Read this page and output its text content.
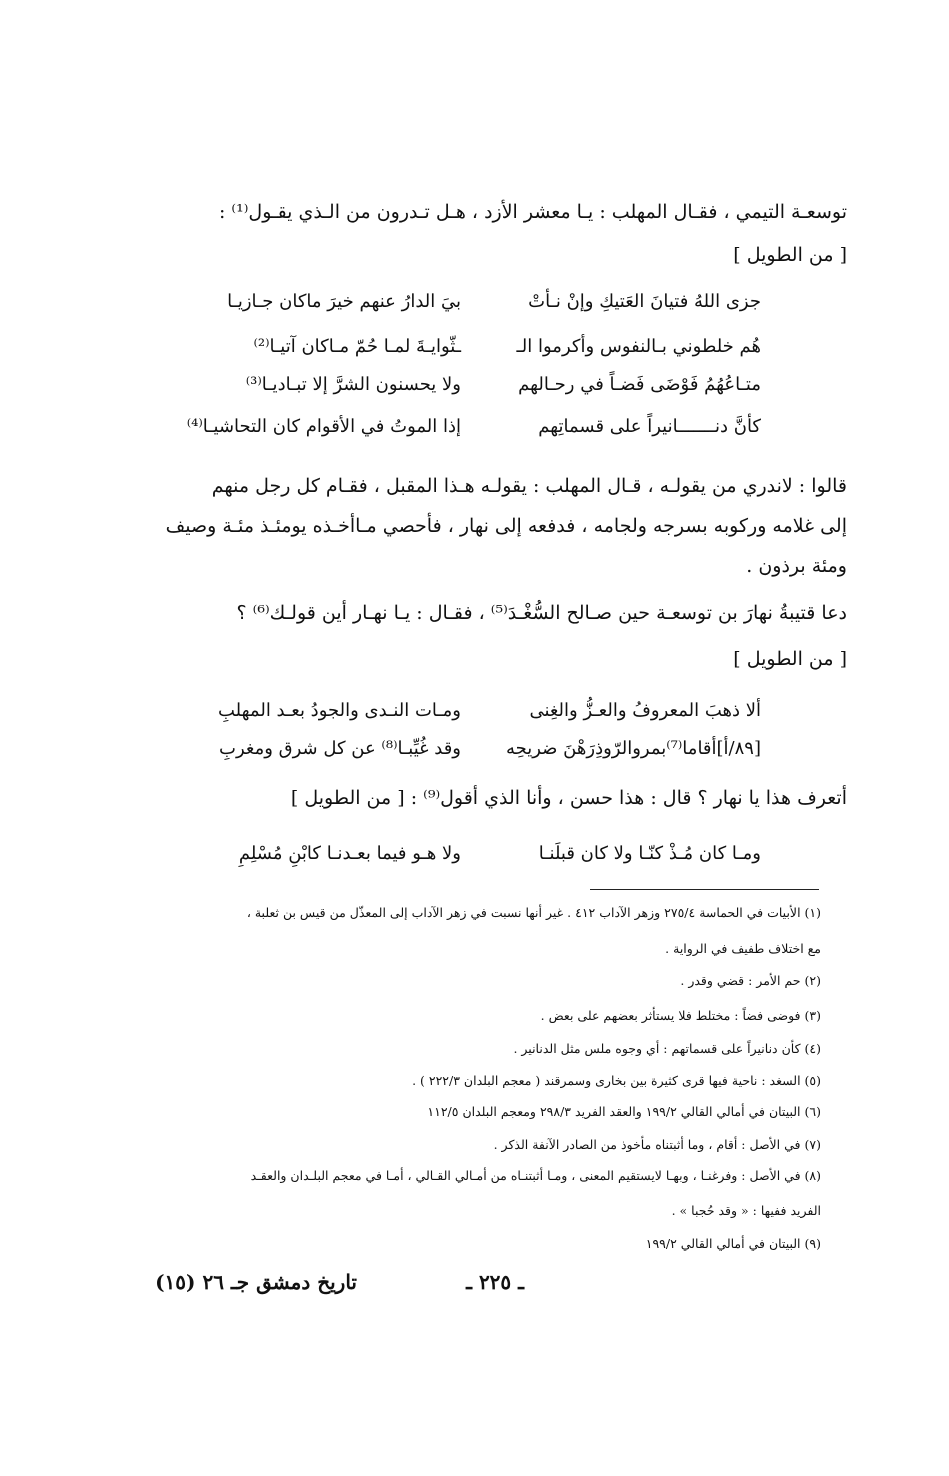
توسعـة التيمي ، فقـال المهلب : يـا معشر الأزد ، هـل تـدرون من الـذي يقـول⁽¹⁾ :
[ من الطويل ]
جزى اللهُ فتيانَ العَتيكِ وإنْ نـأتْ
بيَ الدارُ عنهم خيرَ ماكان جـازيـا
هُم خلطوني بـالنفوس وأكرموا الـ
ـثّوايـةَ لمـا حُمّ مـاكان آتيـا⁽²⁾
متـاعُهُمُ فَوْضَى فَضـاً في رحـالهم
ولا يحسنون الشرَّ إلا تبـاديـا⁽³⁾
كأنَّ دنـــــــانيراً على قسماتِهم
إذا الموتُ في الأقوام كان التحاشيـا⁽⁴⁾
قالوا : لاندري من يقولـه ، قـال المهلب : يقولـه هـذا المقبل ، فقـام كل رجل منهم
إلى غلامه وركوبه بسرجه ولجامه ، فدفعه إلى نهار ، فأحصي مـاأخـذه يومئـذ مئـة وصيف
ومئة برذون .
دعا قتيبةُ نهارَ بن توسعـة حين صـالح السُّغْـدَ⁽⁵⁾ ، فقـال : يـا نهـار أين قولـك⁽⁶⁾ ؟
[ من الطويل ]
ألا ذهبَ المعروفُ والعـزُّ والغِنى
ومـات النـدى والجودُ بعـد المهلبِ
[٨٩/أ]أقاما⁽⁷⁾بمروالرّوذِرَهْنَ ضريحِه
وقد غُيِّبـا⁽⁸⁾ عن كل شرق ومغربِ
أتعرف هذا يا نهار ؟ قال : هذا حسن ، وأنا الذي أقول⁽⁹⁾ : [ من الطويل ]
ومـا كان مُـذْ كنّـا ولا كان قبلَنـا
ولا هـو فيما بعـدنـا كابْنِ مُسْلِمِ
(١) الأبيات في الحماسة ٢٧٥/٤ وزهر الآداب ٤١٢ . غير أنها نسبت في زهر الآداب إلى المعذّل من قيس بن ثعلبة ،
مع اختلاف طفيف في الرواية .
(٢) حم الأمر : قضي وقدر .
(٣) فوضى فضاً : مختلط فلا يستأثر بعضهم على بعض .
(٤) كأن دنانيراً على قسماتهم : أي وجوه ملس مثل الدنانير .
(٥) السغد : ناحية فيها قرى كثيرة بين بخارى وسمرقند ( معجم البلدان ٢٢٢/٣ ) .
(٦) البيتان في أمالي القالي ١٩٩/٢ والعقد الفريد ٢٩٨/٣ ومعجم البلدان ١١٢/٥
(٧) في الأصل : أقام ، وما أثبتناه مأخوذ من الصادر الآنفة الذكر .
(٨) في الأصل : وفرغنـا ، وبهـا لايستقيم المعنى ، ومـا أثبتنـاه من أمـالي القـالي ، أمـا في معجم البلـدان والعقـد
الفريد ففيها : « وقد حُجبا » .
(٩) البيتان في أمالي القالي ١٩٩/٢
ـ ٢٢٥ ـ
تاريخ دمشق جـ ٢٦ (١٥)
